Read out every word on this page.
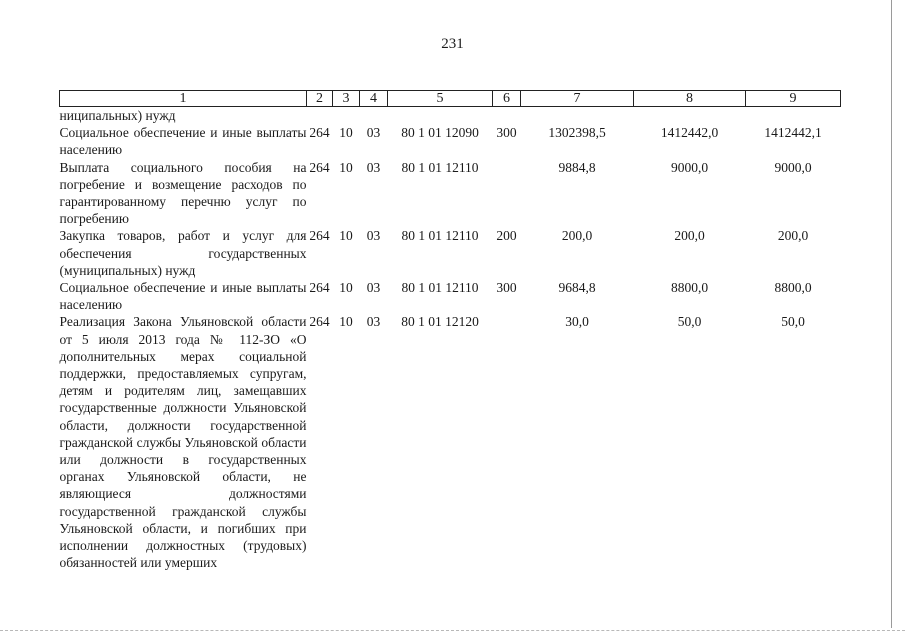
231
1	2	3	4	5	6	7	8	9
ниципальных) нужд								
Социальное обеспечение и иные выплаты населению	264	10	03	80 1 01 12090	300	1302398,5	1412442,0	1412442,1
Выплата социального пособия на погребение и возмещение расходов по гарантированному перечню услуг по погребению	264	10	03	80 1 01 12110		9884,8	9000,0	9000,0
Закупка товаров, работ и услуг для обеспечения государственных (муниципальных) нужд	264	10	03	80 1 01 12110	200	200,0	200,0	200,0
Социальное обеспечение и иные выплаты населению	264	10	03	80 1 01 12110	300	9684,8	8800,0	8800,0
Реализация Закона Ульяновской области от 5 июля 2013 года № 112-ЗО «О дополнительных мерах социальной поддержки, предоставляемых супругам, детям и родителям лиц, замещавших государственные должности Ульяновской области, должности государственной гражданской службы Ульяновской области или должности в государственных органах Ульяновской области, не являющиеся должностями государственной гражданской службы Ульяновской области, и погибших при исполнении должностных (трудовых) обязанностей или умерших	264	10	03	80 1 01 12120		30,0	50,0	50,0
